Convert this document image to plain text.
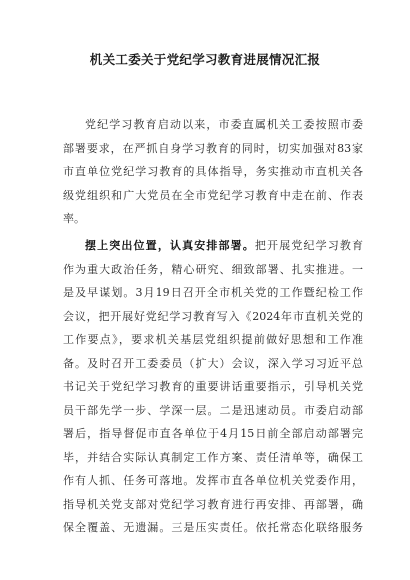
机关工委关于党纪学习教育进展情况汇报
党纪学习教育启动以来，市委直属机关工委按照市委
部署要求，在严抓自身学习教育的同时，切实加强对83家
市直单位党纪学习教育的具体指导，务实推动市直机关各
级党组织和广大党员在全市党纪学习教育中走在前、作表
率。
摆上突出位置，认真安排部署。把开展党纪学习教育
作为重大政治任务，精心研究、细致部署、扎实推进。一
是及早谋划。3月19日召开全市机关党的工作暨纪检工作
会议，把开展好党纪学习教育写入《2024年市直机关党的
工作要点》，要求机关基层党组织提前做好思想和工作准
备。及时召开工委委员（扩大）会议，深入学习习近平总
书记关于党纪学习教育的重要讲话重要指示，引导机关党
员干部先学一步、学深一层。二是迅速动员。市委启动部
署后，指导督促市直各单位于4月15日前全部启动部署完
毕，并结合实际认真制定工作方案、责任清单等，确保工
作有人抓、任务可落地。发挥市直各单位机关党委作用，
指导机关党支部对党纪学习教育进行再安排、再部署，确
保全覆盖、无遗漏。三是压实责任。依托常态化联络服务
